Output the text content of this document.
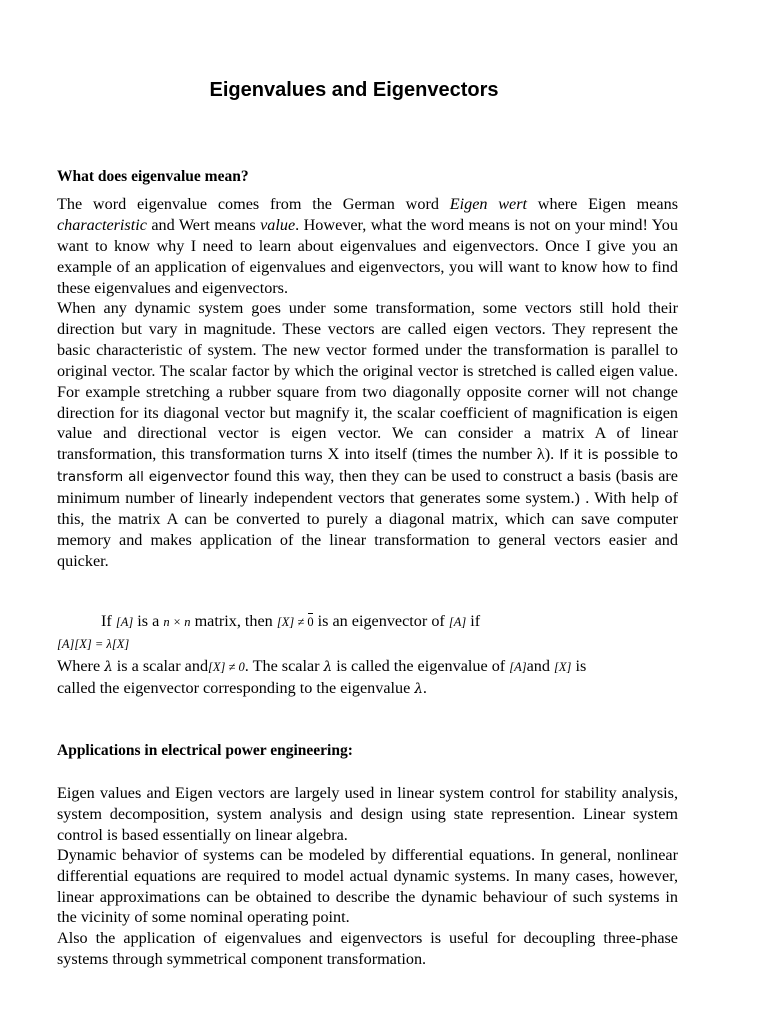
Eigenvalues and Eigenvectors
What does eigenvalue mean?

The word eigenvalue comes from the German word Eigen wert where Eigen means characteristic and Wert means value. However, what the word means is not on your mind! You want to know why I need to learn about eigenvalues and eigenvectors. Once I give you an example of an application of eigenvalues and eigenvectors, you will want to know how to find these eigenvalues and eigenvectors.

When any dynamic system goes under some transformation, some vectors still hold their direction but vary in magnitude. These vectors are called eigen vectors. They represent the basic characteristic of system. The new vector formed under the transformation is parallel to original vector. The scalar factor by which the original vector is stretched is called eigen value. For example stretching a rubber square from two diagonally opposite corner will not change direction for its diagonal vector but magnify it, the scalar coefficient of magnification is eigen value and directional vector is eigen vector. We can consider a matrix A of linear transformation, this transformation turns X into itself (times the number λ). If it is possible to transform all eigenvector found this way, then they can be used to construct a basis (basis are minimum number of linearly independent vectors that generates some system.) . With help of this, the matrix A can be converted to purely a diagonal matrix, which can save computer memory and makes application of the linear transformation to general vectors easier and quicker.

If [A] is a n × n matrix, then [X] ≠ 0 is an eigenvector of [A] if

[A][X] = λ[X]

Where λ is a scalar and[X] ≠ 0. The scalar λ is called the eigenvalue of [A]and [X] is

called the eigenvector corresponding to the eigenvalue λ.

Applications in electrical power engineering:

Eigen values and Eigen vectors are largely used in linear system control for stability analysis, system decomposition, system analysis and design using state represention. Linear system control is based essentially on linear algebra.

Dynamic behavior of systems can be modeled by differential equations. In general, nonlinear differential equations are required to model actual dynamic systems. In many cases, however, linear approximations can be obtained to describe the dynamic behaviour of such systems in the vicinity of some nominal operating point.

Also the application of eigenvalues and eigenvectors is useful for decoupling three-phase systems through symmetrical component transformation.
